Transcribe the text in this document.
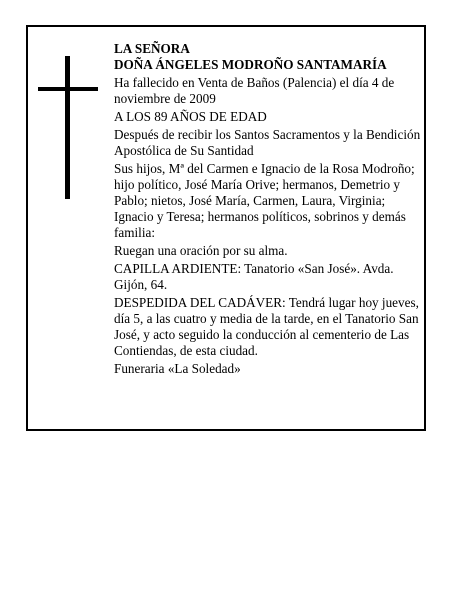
LA SEÑORA

DOÑA ÁNGELES MODROÑO SANTAMARÍA

Ha fallecido en Venta de Baños (Palencia) el día 4 de noviembre de 2009

A LOS 89 AÑOS DE EDAD

Después de recibir los Santos Sacramentos y la Bendición Apostólica de Su Santidad

Sus hijos, Mª del Carmen e Ignacio de la Rosa Modroño; hijo político, José María Orive; hermanos, Demetrio y Pablo; nietos, José María, Carmen, Laura, Virginia; Ignacio y Teresa; hermanos políticos, sobrinos y demás familia:

Ruegan una oración por su alma.

CAPILLA ARDIENTE: Tanatorio «San José». Avda. Gijón, 64.

DESPEDIDA DEL CADÁVER: Tendrá lugar hoy jueves, día 5, a las cuatro y media de la tarde, en el Tanatorio San José, y acto seguido la conducción al cementerio de Las Contiendas, de esta ciudad.

Funeraria «La Soledad»
